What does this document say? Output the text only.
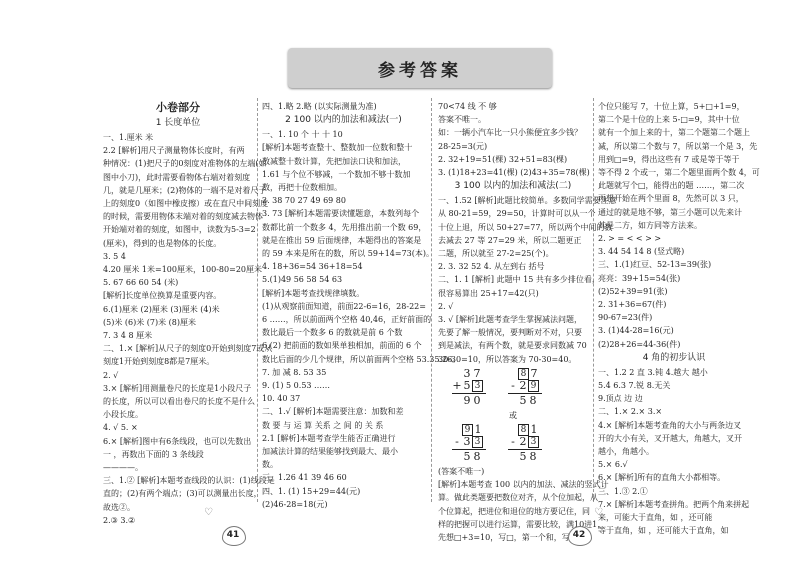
参考答案
小卷部分
1 长度单位
一、1.厘米 米
2.2 [解析]用尺子测量物体长度时，有两
种情况：(1)把尺子的0刻度对准物体的左端(如
图中小刀)，此时需要看物体右端对着刻度
几，就是几厘米；(2)物体的一端不是对着尺子
上的刻度0（如图中橡皮擦）或在直尺中间刻度
的时候，需要用物体末端对着的刻度减去物体
开始端对着的刻度，如图中，读数为5-3=2
(厘米)，得到的也是物体的长度。
3. 5 4
4.20 厘米 1米=100厘米，100-80=20厘米
5. 67 66 60 54 (米)
[解析]长度单位换算是重要内容。
6.(1)厘米 (2)厘米 (3)厘米 (4)米
(5)米 (6)米 (7)米 (8)厘米
7. 3 4 8 厘米
二、1.× [解析]从尺子的刻度0开始到刻度7或从
刻度1开始到刻度8都是7厘米。
2. √
3.× [解析]用测量卷尺的长度是1小段尺子
的长度，所以可以看出卷尺的长度不是什么
小段长度。
4. √ 5. ×
6.× [解析]图中有6条线段，也可以先数出
一 ，再数出下面的 3 条线段
————。
三、1.② [解析]本题考查线段的认识：(1)线段是
直的；(2)有两个端点；(3)可以测量出长度，
故选②。
2.③ 3.②
四、1.略 2.略 (以实际测量为准)
2 100 以内的加法和减法(一)
一、1. 10 个 十 十 10
[解析]本题考查整十、整数加一位数和整十
数减整十数计算，先把加法口诀和加法，
1.61 与个位不够减，一个数加不够十数加
数，再把十位数相加。
2. 38 70 27 49 69 80
3. 73 [解析]本题需要读懂题意，本数列每个
数都比前一个数多 4，先用推出前一个数 69，
就是在推出 59 后面规律，本题得出的答案是
的 59 本来是所在的数，所以 59+14=73(本)。
4. 18+36=54 36+18=54
5.(1)49 56 58 54 63
[解析]本题考查找规律填数。
(1)从观察前面知道，前面22-6=16，28-22=
6 ……，所以前面两个空格 40,46，正好前面的
数比最后一个数多 6 的数就是前 6 个数
6.(2) 把前面的数如果单独相加，前面的 6 个
数比后面的少几个规律，所以前面两个空格 53.35.26。
7. 加 减 8. 53 35
9. (1) 5 0.53 ……
10. 40 37
二、1.√ [解析]本题需要注意：加数和差
数 要 与 运 算 关系 之 间 的 关 系
2.1 [解析]本题考查学生能否正确进行
加减法计算的结果能够找到最大、最小
数。
三、1.26 41 39 46 60
四、1. (1) 15+29=44(元)
(2)46-28=18(元)
70<74 线 不 够
答案不唯一。
如：一辆小汽车比一只小熊便宜多少钱？
28-25=3(元)
2. 32+19=51(棵) 32+51=83(棵)
3. (1)18+23=41(棵) (2)43+35=78(棵)
3 100 以内的加法和减法(二)
一、1.52 [解析]此题比较简单。多数同学需要注意
从 80-21=59，29=50，计算时可以从一个
十位上退，所以 50+27=77，所以两个中间的数
去减去 27 等 27=29 米，所以二题更正
二题，所以就至 27-2=25(个)。
2. 3. 32 52 4. 从左到右 括号
二、1. 1 [解析] 此题中 15 共有多少排位看，
很容易算出 25+17=42(只)
2. √
3. √ [解析]此题考查学生掌握减法问题，
先要了解一般情况，要判断对不对，只要
到是减法，有两个数，就是要求同数减 70
30-30=10，所以答案为 70-30=40。
3 7
+ 5 3
9 0
8 7
- 2 9
5 8
或
9 1
- 3 3
5 8
8 1
- 2 3
5 8
(答案不唯一)
[解析]本题考查 100 以内的加法、减法的竖式计
算。做此类题要把数位对齐，从个位加起，从
个位算起，把进位和退位的地方要记住，同
样的把握可以进行运算，需要比较，满10进1，
先想□+3=10，写□，第一个和，写
个位只能写 7，十位上算，5+□+1=9，
第二个是十位的上来 5-□=9，其中十位
就有一个加上来的十，第二个题第二个题上
减，所以第二个数与 7，所以第一个是 3，先
用到□=9，得出这些有 7 或是等于等于
等不得 2 个或一，第二个题里面两个数 4，可
此题就写个□，能得出的题 ……，第二次
再想开始在两个里面 8，先然可以 3 只，
通过的就是地不够，第三小题可以先来计
其是二方，如方同等方法来。
2. > = < < > >
3. 44 54 14 8 (竖式略)
三、1.(1)红豆、52-13=39(张)
亮亮：39+15=54(张)
(2)52+39=91(张)
2. 31+36=67(件)
90-67=23(件)
3. (1)44-28=16(元)
(2)28+26=44-36(件)
4 角的初步认识
一、1.2 2 直 3.钝 4.越大 越小
5.4 6.3 7.锐 8.无关
9.顶点 边 边
二、1.× 2.× 3.×
4.× [解析]本题考查角的大小与两条边叉
开的大小有关，叉开越大，角越大，叉开
越小，角越小。
5.× 6.√
6.× [解析]所有的直角大小都相等。
三、1.③ 2.①
7.× [解析]本题考查拼角。把两个角来拼起
来，可能大于直角，如 ，还可能
等于直角，如 ，还可能大于直角，如
♡
41
♡
42
